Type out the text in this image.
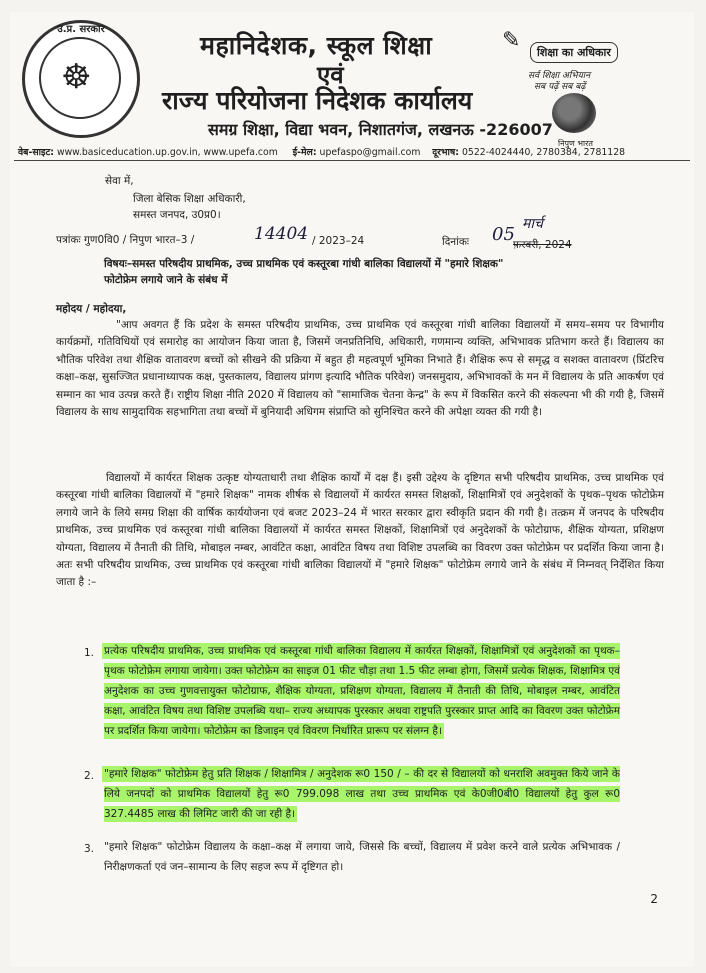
उ.प्र. सरकार
☸
महानिदेशक, स्कूल शिक्षा
एवं
राज्य परियोजना निदेशक कार्यालय
समग्र शिक्षा, विद्या भवन, निशातगंज, लखनऊ -226007
✎	शिक्षा का अधिकार
सर्व शिक्षा अभियान
सब पढ़ें सब बढ़ें
निपुण भारत
वेब-साइट: www.basiceducation.up.gov.in, www.upefa.com ई-मेल: upefaspo@gmail.com दूरभाष: 0522-4024440, 2780384, 2781128
सेवा में,
जिला बेसिक शिक्षा अधिकारी,
समस्त जनपद, उ0प्र0।
पत्रांकः गुण0वि0 / निपुण भारत–3 /	14404 / 2023–24	दिनांकः 05 मार्च
फ़रवरी, 2024
विषयः–समस्त परिषदीय प्राथमिक, उच्च प्राथमिक एवं कस्तूरबा गांधी बालिका विद्यालयों में "हमारे शिक्षक"
फोटोफ्रेम लगाये जाने के संबंध में
महोदय / महोदया,
"आप अवगत हैं कि प्रदेश के समस्त परिषदीय प्राथमिक, उच्च प्राथमिक एवं कस्तूरबा गांधी बालिका विद्यालयों में समय–समय पर विभागीय कार्यक्रमों, गतिविधियों एवं समारोह का आयोजन किया जाता है, जिसमें जनप्रतिनिधि, अधिकारी, गणमान्य व्यक्ति, अभिभावक प्रतिभाग करते हैं। विद्यालय का भौतिक परिवेश तथा शैक्षिक वातावरण बच्चों को सीखने की प्रक्रिया में बहुत ही महत्वपूर्ण भूमिका निभाते हैं। शैक्षिक रूप से समृद्ध व सशक्त वातावरण (प्रिंटरिच कक्षा–कक्ष, सुसज्जित प्रधानाध्यापक कक्ष, पुस्तकालय, विद्यालय प्रांगण इत्यादि भौतिक परिवेश) जनसमुदाय, अभिभावकों के मन में विद्यालय के प्रति आकर्षण एवं सम्मान का भाव उत्पन्न करते हैं। राष्ट्रीय शिक्षा नीति 2020 में विद्यालय को "सामाजिक चेतना केन्द्र" के रूप में विकसित करने की संकल्पना भी की गयी है, जिसमें विद्यालय के साथ सामुदायिक सहभागिता तथा बच्चों में बुनियादी अधिगम संप्राप्ति को सुनिश्चित करने की अपेक्षा व्यक्त की गयी है।
विद्यालयों में कार्यरत शिक्षक उत्कृष्ट योग्यताधारी तथा शैक्षिक कार्यों में दक्ष हैं। इसी उद्देश्य के दृष्टिगत सभी परिषदीय प्राथमिक, उच्च प्राथमिक एवं कस्तूरबा गांधी बालिका विद्यालयों में "हमारे शिक्षक" नामक शीर्षक से विद्यालयों में कार्यरत समस्त शिक्षकों, शिक्षामित्रों एवं अनुदेशकों के पृथक–पृथक फोटोफ्रेम लगाये जाने के लिये समग्र शिक्षा की वार्षिक कार्ययोजना एवं बजट 2023–24 में भारत सरकार द्वारा स्वीकृति प्रदान की गयी है। तत्क्रम में जनपद के परिषदीय प्राथमिक, उच्च प्राथमिक एवं कस्तूरबा गांधी बालिका विद्यालयों में कार्यरत समस्त शिक्षकों, शिक्षामित्रों एवं अनुदेशकों के फोटोग्राफ, शैक्षिक योग्यता, प्रशिक्षण योग्यता, विद्यालय में तैनाती की तिथि, मोबाइल नम्बर, आवंटित कक्षा, आवंटित विषय तथा विशिष्ट उपलब्धि का विवरण उक्त फोटोफ्रेम पर प्रदर्शित किया जाना है। अतः सभी परिषदीय प्राथमिक, उच्च प्राथमिक एवं कस्तूरबा गांधी बालिका विद्यालयों में "हमारे शिक्षक" फोटोफ्रेम लगाये जाने के संबंध में निम्नवत् निर्देशित किया जाता है :–
1. प्रत्येक परिषदीय प्राथमिक, उच्च प्राथमिक एवं कस्तूरबा गांधी बालिका विद्यालय में कार्यरत शिक्षकों, शिक्षामित्रों एवं अनुदेशकों का पृथक–पृथक फोटोफ्रेम लगाया जायेगा। उक्त फोटोफ्रेम का साइज 01 फीट चौड़ा तथा 1.5 फीट लम्बा होगा, जिसमें प्रत्येक शिक्षक, शिक्षामित्र एवं अनुदेशक का उच्च गुणवत्तायुक्त फोटोग्राफ, शैक्षिक योग्यता, प्रशिक्षण योग्यता, विद्यालय में तैनाती की तिथि, मोबाइल नम्बर, आवंटित कक्षा, आवंटित विषय तथा विशिष्ट उपलब्धि यथा– राज्य अध्यापक पुरस्कार अथवा राष्ट्रपति पुरस्कार प्राप्त आदि का विवरण उक्त फोटोफ्रेम पर प्रदर्शित किया जायेगा। फोटोफ्रेम का डिजाइन एवं विवरण निर्धारित प्रारूप पर संलग्न है।
2. "हमारे शिक्षक" फोटोफ्रेम हेतु प्रति शिक्षक / शिक्षामित्र / अनुदेशक रू0 150 / – की दर से विद्यालयों को धनराशि अवमुक्त किये जाने के लिये जनपदों को प्राथमिक विद्यालयों हेतु रू0 799.098 लाख तथा उच्च प्राथमिक एवं के0जी0बी0 विद्यालयों हेतु कुल रू0 327.4485 लाख की लिमिट जारी की जा रही है।
3. "हमारे शिक्षक" फोटोफ्रेम विद्यालय के कक्षा–कक्ष में लगाया जाये, जिससे कि बच्चों, विद्यालय में प्रवेश करने वाले प्रत्येक अभिभावक / निरीक्षणकर्ता एवं जन–सामान्य के लिए सहज रूप में दृष्टिगत हो।
2
